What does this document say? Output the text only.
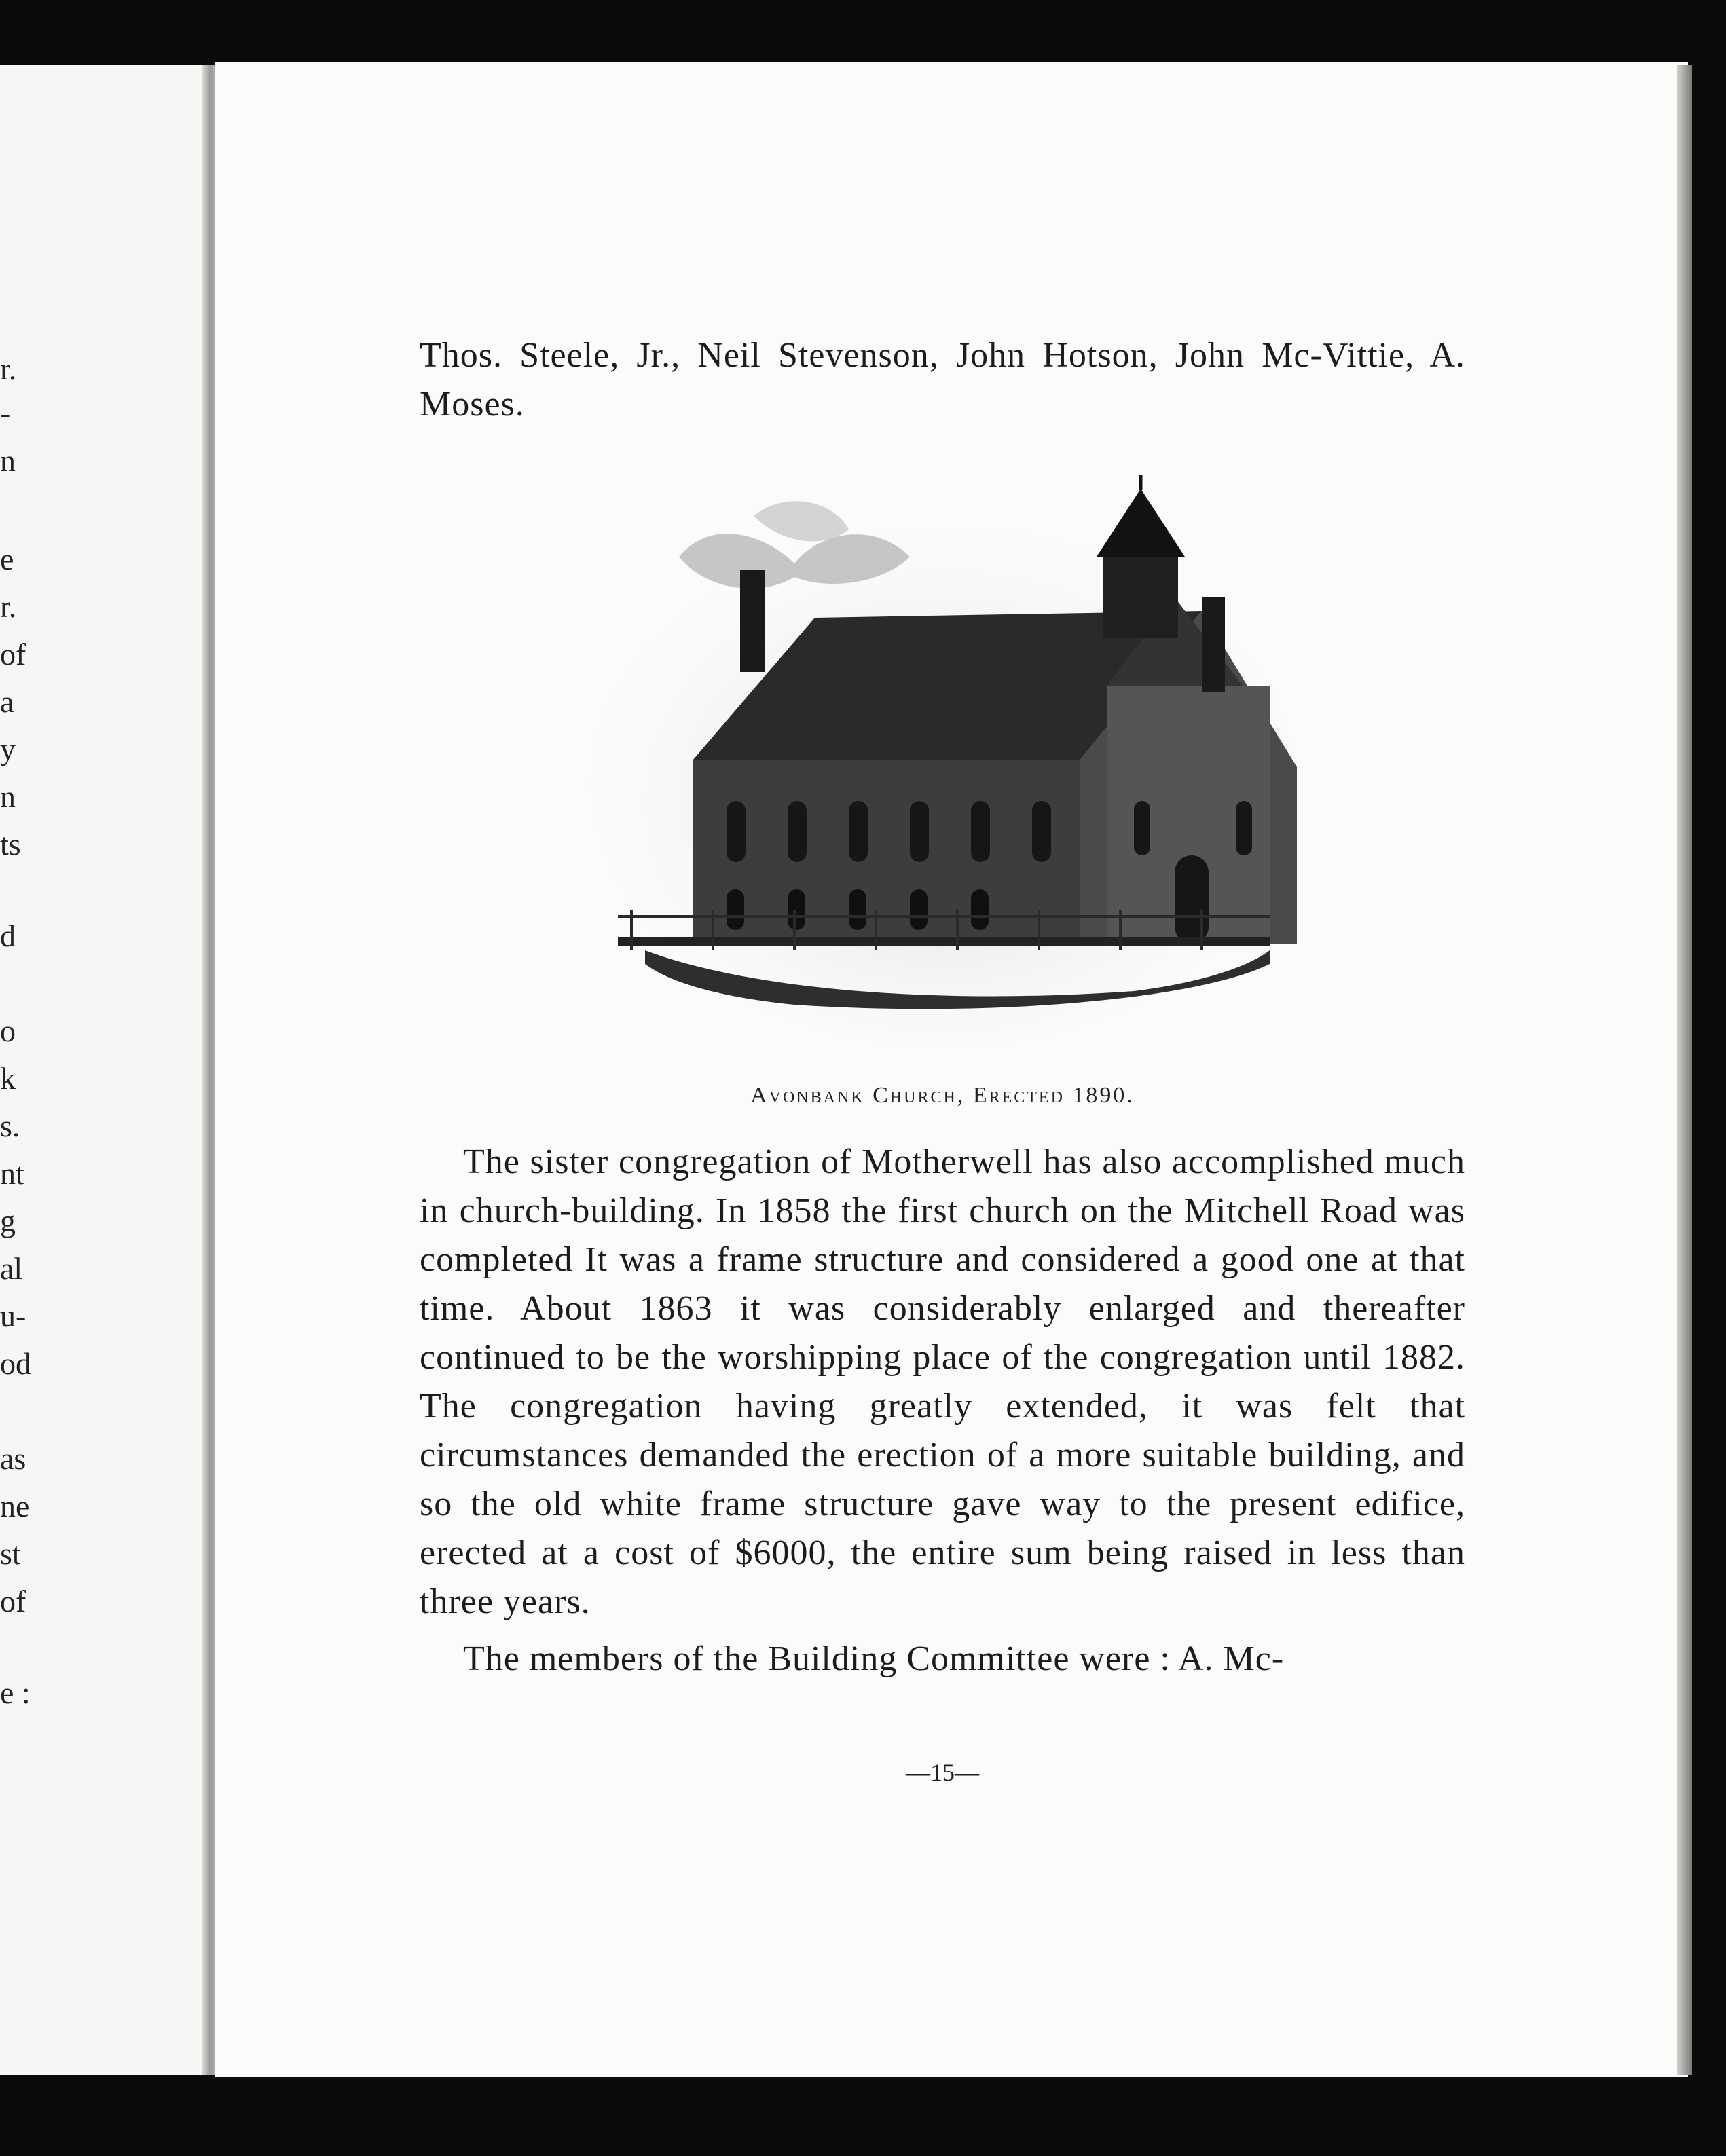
r.
-
n
e
r.
of
a
y
n
ts
d
o
k
s.
nt
g
al
u-
od
as
ne
st
of
e :

Thos. Steele, Jr., Neil Stevenson, John Hotson, John Mc-Vittie, A. Moses.

Avonbank Church, Erected 1890.

The sister congregation of Motherwell has also accomplished much in church-building. In 1858 the first church on the Mitchell Road was completed It was a frame structure and considered a good one at that time. About 1863 it was considerably enlarged and thereafter continued to be the worshipping place of the congregation until 1882. The congregation having greatly extended, it was felt that circumstances demanded the erection of a more suitable building, and so the old white frame structure gave way to the present edifice, erected at a cost of $6000, the entire sum being raised in less than three years.

The members of the Building Committee were : A. Mc-

—15—
